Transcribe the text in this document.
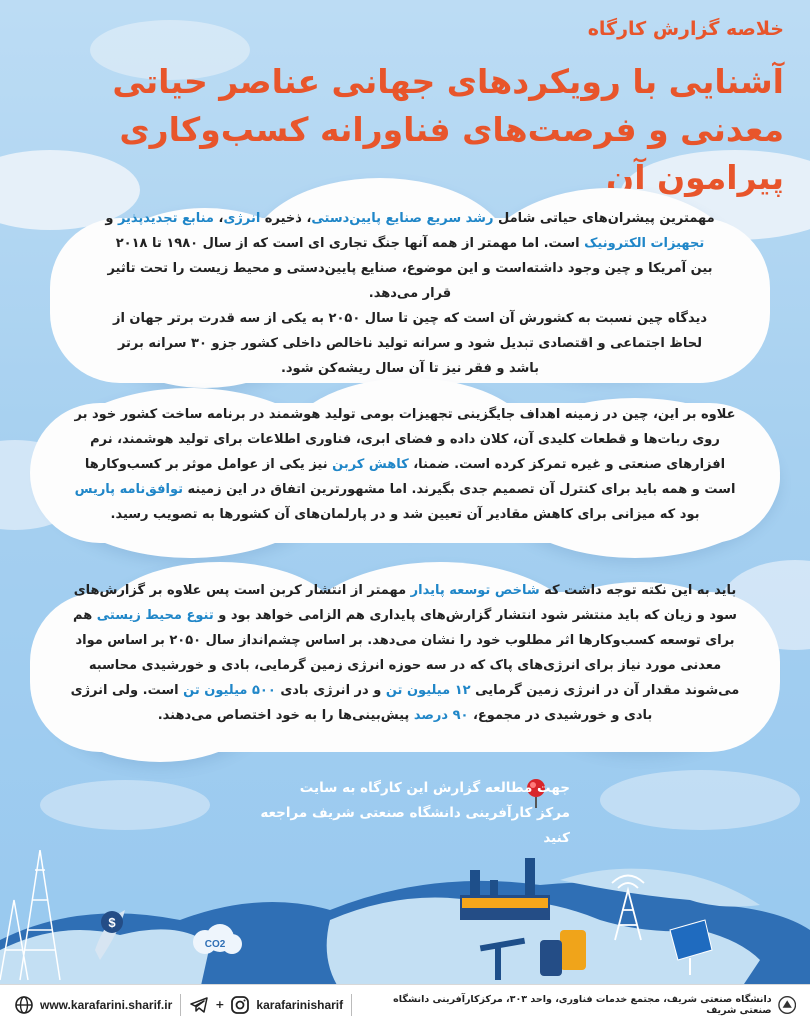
خلاصه گزارش کارگاه
آشنایی با رویکردهای جهانی عناصر حیاتی معدنی و فرصت‌های فناورانه کسب‌وکاری پیرامون آن

مهمترین پیشران‌های حیاتی شامل رشد سریع صنایع پایین‌دستی، ذخیره انرژی، منابع تجدیدپذیر و تجهیزات الکترونیک است. اما مهمتر از همه آنها جنگ تجاری ای است که از سال ۱۹۸۰ تا ۲۰۱۸ بین آمریکا و چین وجود داشته‌است و این موضوع، صنایع پایین‌دستی و محیط زیست را تحت تاثیر قرار می‌دهد.

دیدگاه چین نسبت به کشورش آن است که چین تا سال ۲۰۵۰ به یکی از سه قدرت برتر جهان از لحاظ اجتماعی و اقتصادی تبدیل شود و سرانه تولید ناخالص داخلی کشور جزو ۳۰ سرانه برتر باشد و فقر نیز تا آن سال ریشه‌کن شود.

علاوه بر این، چین در زمینه اهداف جایگزینی تجهیزات بومی تولید هوشمند در برنامه ساخت کشور خود بر روی ربات‌ها و قطعات کلیدی آن، کلان داده و فضای ابری، فناوری اطلاعات برای تولید هوشمند، نرم افزارهای صنعتی و غیره تمرکز کرده است. ضمنا، کاهش کربن نیز یکی از عوامل موثر بر کسب‌وکارها است و همه باید برای کنترل آن تصمیم جدی بگیرند. اما مشهورترین اتفاق در این زمینه توافق‌نامه پاریس بود که میزانی برای کاهش مقادیر آن تعیین شد و در پارلمان‌های آن کشورها به تصویب رسید.

باید به این نکته توجه داشت که شاخص توسعه پایدار مهمتر از انتشار کربن است پس علاوه بر گزارش‌های سود و زیان که باید منتشر شود انتشار گزارش‌های پایداری هم الزامی خواهد بود و تنوع محیط زیستی هم برای توسعه کسب‌وکارها اثر مطلوب خود را نشان می‌دهد. بر اساس چشم‌انداز سال ۲۰۵۰ بر اساس مواد معدنی مورد نیاز برای انرژی‌های پاک که در سه حوزه انرژی زمین گرمایی، بادی و خورشیدی محاسبه می‌شوند مقدار آن در انرژی زمین گرمایی ۱۲ میلیون تن و در انرژی بادی ۵۰۰ میلیون تن است. ولی انرژی بادی و خورشیدی در مجموع، ۹۰ درصد پیش‌بینی‌ها را به خود اختصاص می‌دهند.

جهت مطالعه گزارش این کارگاه به سایت
مرکز کارآفرینی دانشگاه صنعتی شریف مراجعه کنید
$
CO2
دانشگاه صنعتی شریف، مجتمع خدمات فناوری، واحد ۳۰۳، مرکزکارآفرینی دانشگاه صنعتی شریف
karafarinisharif
+
www.karafarini.sharif.ir
